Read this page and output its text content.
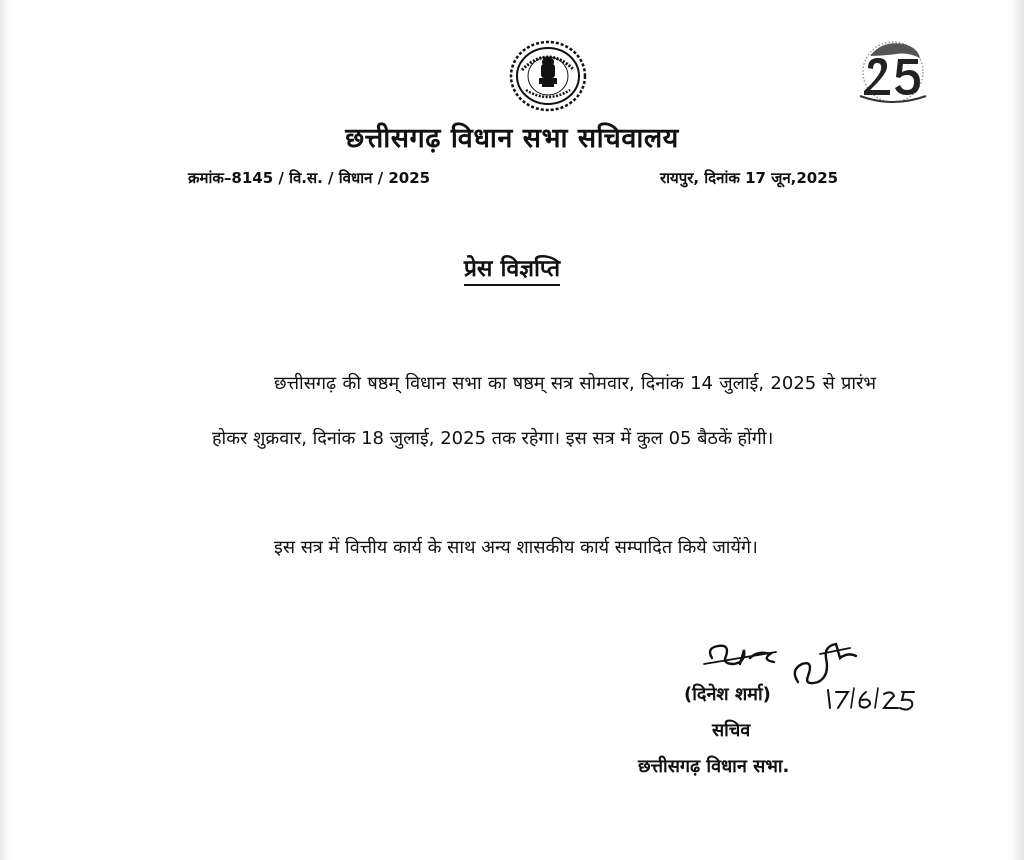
छत्तीसगढ़ विधान सभा सचिवालय
क्रमांक–8145 / वि.स. / विधान / 2025	रायपुर, दिनांक 17 जून,2025
प्रेस विज्ञप्ति

छत्तीसगढ़ की षष्ठम् विधान सभा का षष्ठम् सत्र सोमवार, दिनांक 14 जुलाई, 2025 से प्रारंभ होकर शुक्रवार, दिनांक 18 जुलाई, 2025 तक रहेगा। इस सत्र में कुल 05 बैठकें होंगी।

इस सत्र में वित्तीय कार्य के साथ अन्य शासकीय कार्य सम्पादित किये जायेंगे।

(दिनेश शर्मा)
सचिव
छत्तीसगढ़ विधान सभा.
